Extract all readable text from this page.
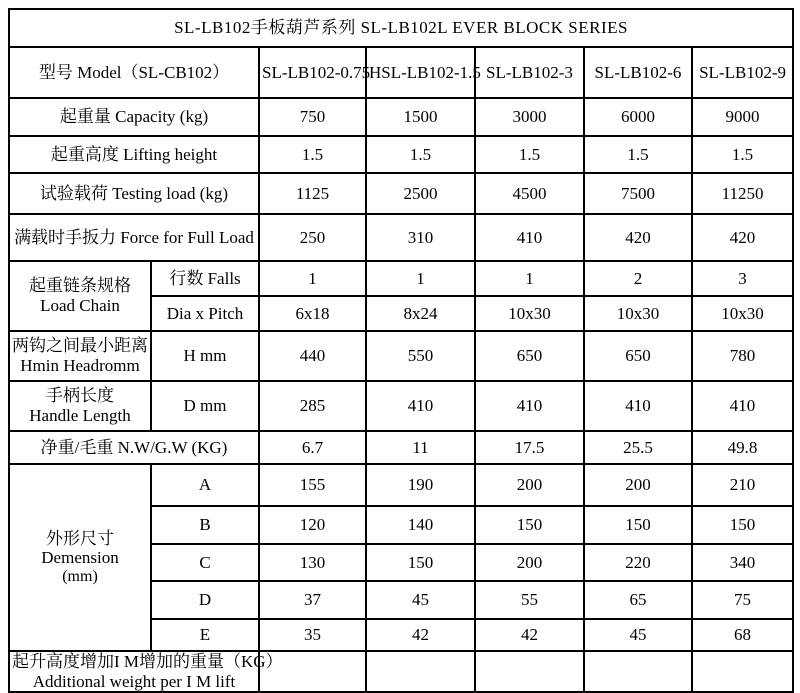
SL-LB102手板葫芦系列 SL-LB102L EVER BLOCK SERIES						
型号 Model（SL-CB102）		SL-LB102-0.75	HSL-LB102-1.5	SL-LB102-3	SL-LB102-6	SL-LB102-9
起重量 Capacity (kg)		750	1500	3000	6000	9000
起重高度 Lifting height		1.5	1.5	1.5	1.5	1.5
试验载荷 Testing load (kg)		1125	2500	4500	7500	11250
满载时手扳力 Force for Full Load		250	310	410	420	420

起重链条规格
Load Chain	行数 Falls	1	1	1	2	3
	Dia x Pitch	6x18	8x24	10x30	10x30	10x30

两钩之间最小距离
Hmin Headromm	H mm	440	550	650	650	780

手柄长度
Handle Length	D mm	285	410	410	410	410
净重/毛重 N.W/G.W (KG)		6.7	11	17.5	25.5	49.8

外形尺寸
Demension
(mm)	A	155	190	200	200	210
	B	120	140	150	150	150
	C	130	150	200	220	340
	D	37	45	55	65	75
	E	35	42	42	45	68

起升高度增加I M增加的重量（KG）
Additional weight per I M lift						
